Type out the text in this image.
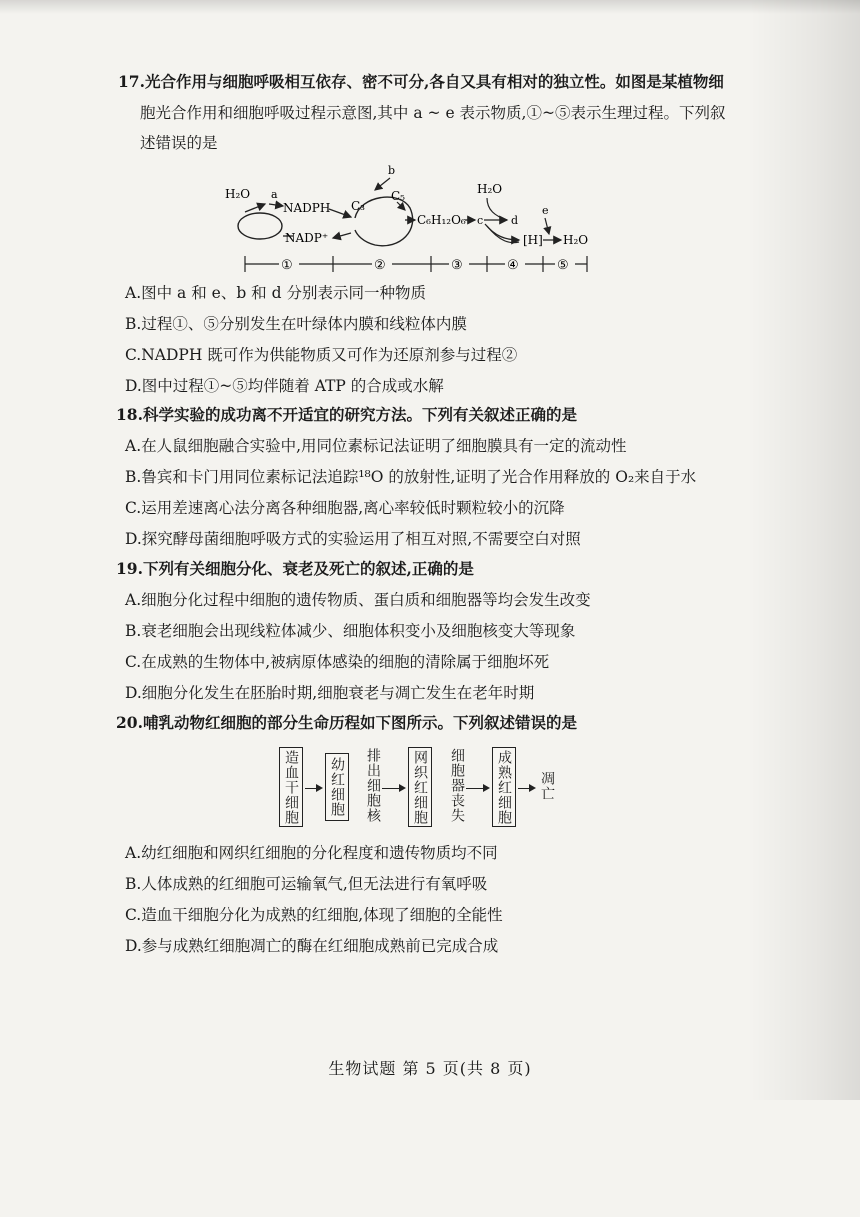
17.光合作用与细胞呼吸相互依存、密不可分,各自又具有相对的独立性。如图是某植物细
胞光合作用和细胞呼吸过程示意图,其中 a ~ e 表示物质,①~⑤表示生理过程。下列叙
述错误的是
H₂O a
NADPH
NADP⁺
C₃
C₅
b
C₆H₁₂O₆ c	d
H₂O
[H]
e
H₂O
①	②	③	④	⑤
A.图中 a 和 e、b 和 d 分别表示同一种物质
B.过程①、⑤分别发生在叶绿体内膜和线粒体内膜
C.NADPH 既可作为供能物质又可作为还原剂参与过程②
D.图中过程①~⑤均伴随着 ATP 的合成或水解
18.科学实验的成功离不开适宜的研究方法。下列有关叙述正确的是
A.在人鼠细胞融合实验中,用同位素标记法证明了细胞膜具有一定的流动性
B.鲁宾和卡门用同位素标记法追踪¹⁸O 的放射性,证明了光合作用释放的 O₂来自于水
C.运用差速离心法分离各种细胞器,离心率较低时颗粒较小的沉降
D.探究酵母菌细胞呼吸方式的实验运用了相互对照,不需要空白对照
19.下列有关细胞分化、衰老及死亡的叙述,正确的是
A.细胞分化过程中细胞的遗传物质、蛋白质和细胞器等均会发生改变
B.衰老细胞会出现线粒体减少、细胞体积变小及细胞核变大等现象
C.在成熟的生物体中,被病原体感染的细胞的清除属于细胞坏死
D.细胞分化发生在胚胎时期,细胞衰老与凋亡发生在老年时期
20.哺乳动物红细胞的部分生命历程如下图所示。下列叙述错误的是
造血干细胞 幼红细胞 排出细胞核 网织红细胞 细胞器丧失 成熟红细胞 凋亡
A.幼红细胞和网织红细胞的分化程度和遗传物质均不同
B.人体成熟的红细胞可运输氧气,但无法进行有氧呼吸
C.造血干细胞分化为成熟的红细胞,体现了细胞的全能性
D.参与成熟红细胞凋亡的酶在红细胞成熟前已完成合成
生物试题 第 5 页(共 8 页)
